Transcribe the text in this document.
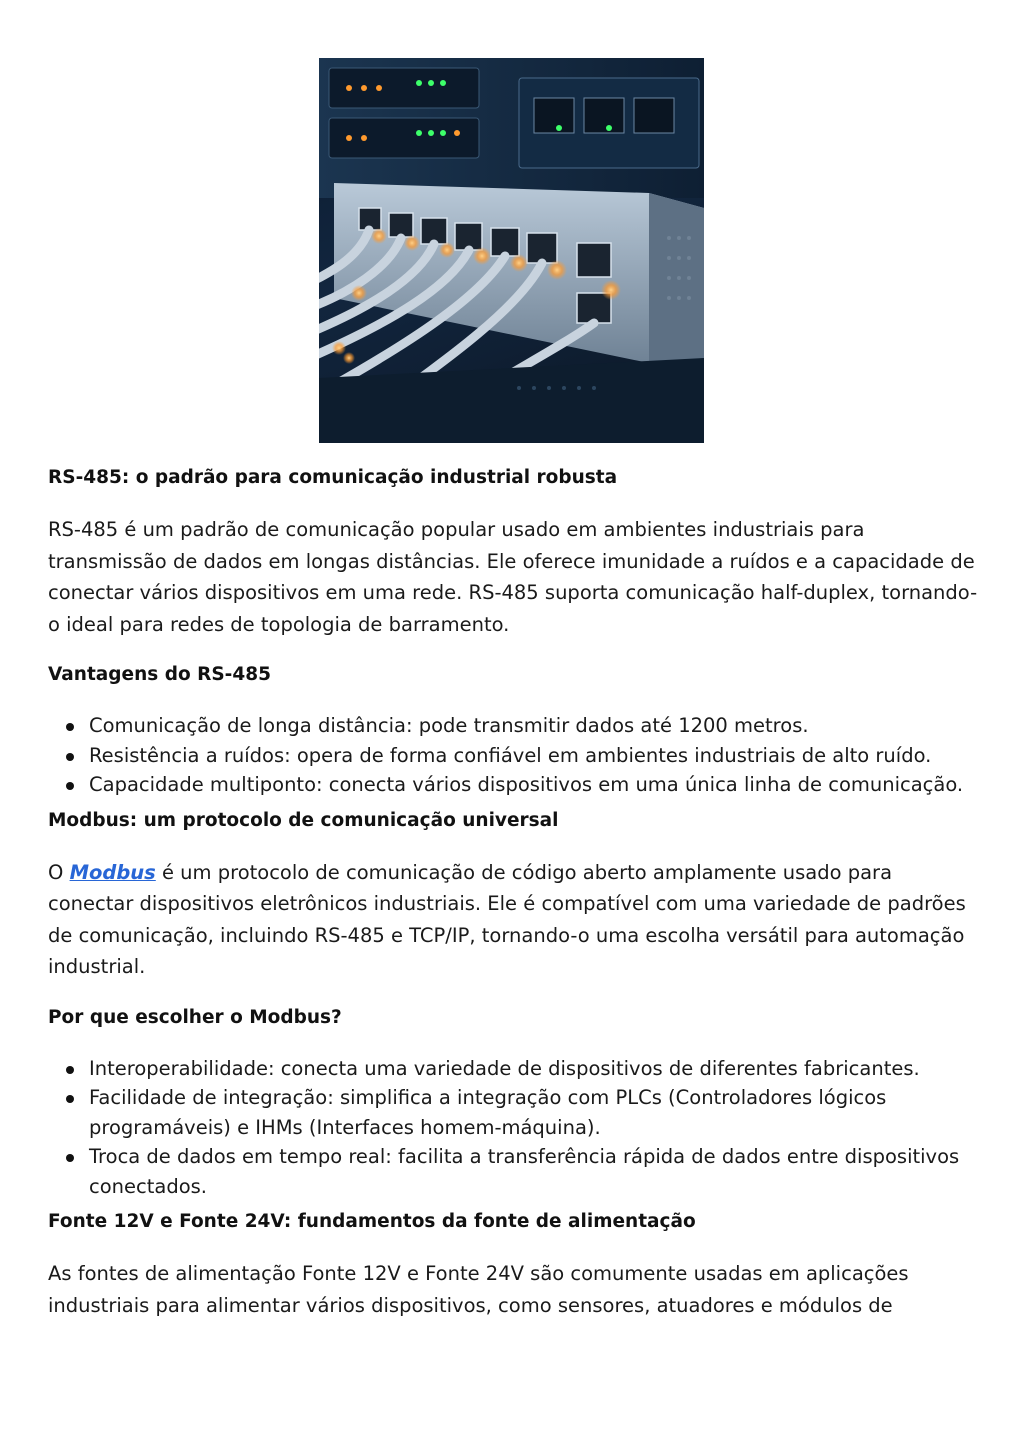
RS-485: o padrão para comunicação industrial robusta

RS-485 é um padrão de comunicação popular usado em ambientes industriais para transmissão de dados em longas distâncias. Ele oferece imunidade a ruídos e a capacidade de conectar vários dispositivos em uma rede. RS-485 suporta comunicação half-duplex, tornando-o ideal para redes de topologia de barramento.

Vantagens do RS-485
Comunicação de longa distância: pode transmitir dados até 1200 metros.
Resistência a ruídos: opera de forma confiável em ambientes industriais de alto ruído.
Capacidade multiponto: conecta vários dispositivos em uma única linha de comunicação.
Modbus: um protocolo de comunicação universal

O Modbus é um protocolo de comunicação de código aberto amplamente usado para conectar dispositivos eletrônicos industriais. Ele é compatível com uma variedade de padrões de comunicação, incluindo RS-485 e TCP/IP, tornando-o uma escolha versátil para automação industrial.

Por que escolher o Modbus?
Interoperabilidade: conecta uma variedade de dispositivos de diferentes fabricantes.
Facilidade de integração: simplifica a integração com PLCs (Controladores lógicos programáveis) e IHMs (Interfaces homem-máquina).
Troca de dados em tempo real: facilita a transferência rápida de dados entre dispositivos conectados.
Fonte 12V e Fonte 24V: fundamentos da fonte de alimentação

As fontes de alimentação Fonte 12V e Fonte 24V são comumente usadas em aplicações industriais para alimentar vários dispositivos, como sensores, atuadores e módulos de
